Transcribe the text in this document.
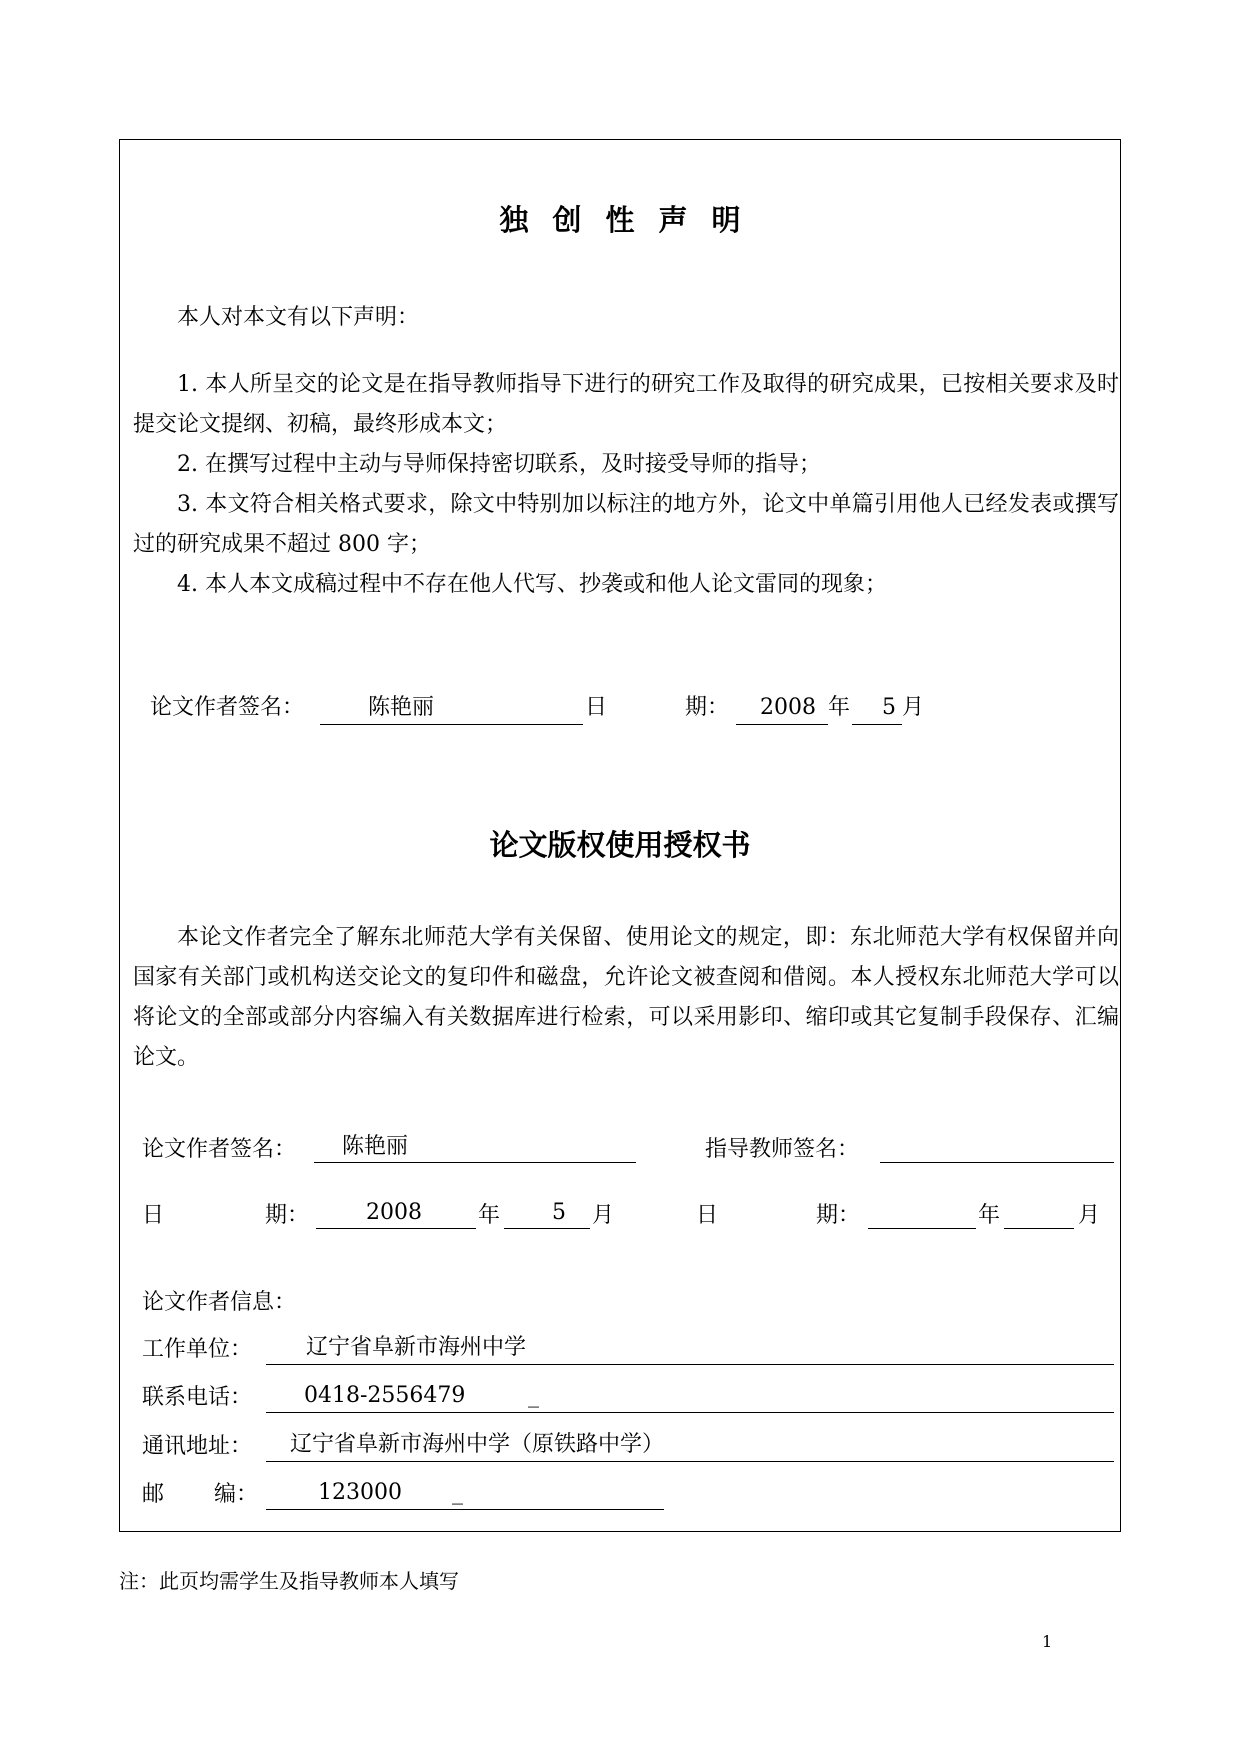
独创性声明
本人对本文有以下声明：
1. 本人所呈交的论文是在指导教师指导下进行的研究工作及取得的研究成果，已按相关要求及时提交论文提纲、初稿，最终形成本文；
2. 在撰写过程中主动与导师保持密切联系，及时接受导师的指导；
3. 本文符合相关格式要求，除文中特别加以标注的地方外，论文中单篇引用他人已经发表或撰写过的研究成果不超过 800 字；
4. 本人本文成稿过程中不存在他人代写、抄袭或和他人论文雷同的现象；
论文作者签名：	陈艳丽	日	期： 2008 年 5 月
论文版权使用授权书
本论文作者完全了解东北师范大学有关保留、使用论文的规定，即：东北师范大学有权保留并向国家有关部门或机构送交论文的复印件和磁盘，允许论文被查阅和借阅。本人授权东北师范大学可以将论文的全部或部分内容编入有关数据库进行检索，可以采用影印、缩印或其它复制手段保存、汇编论文。
论文作者签名： 陈艳丽	指导教师签名：
日	期：	2008	年 5 月	日	期：	年	月
论文作者信息：
工作单位： 辽宁省阜新市海州中学
联系电话： 0418-2556479	_
通讯地址： 辽宁省阜新市海州中学（原铁路中学）
邮 编：	123000 _
注：此页均需学生及指导教师本人填写
1
